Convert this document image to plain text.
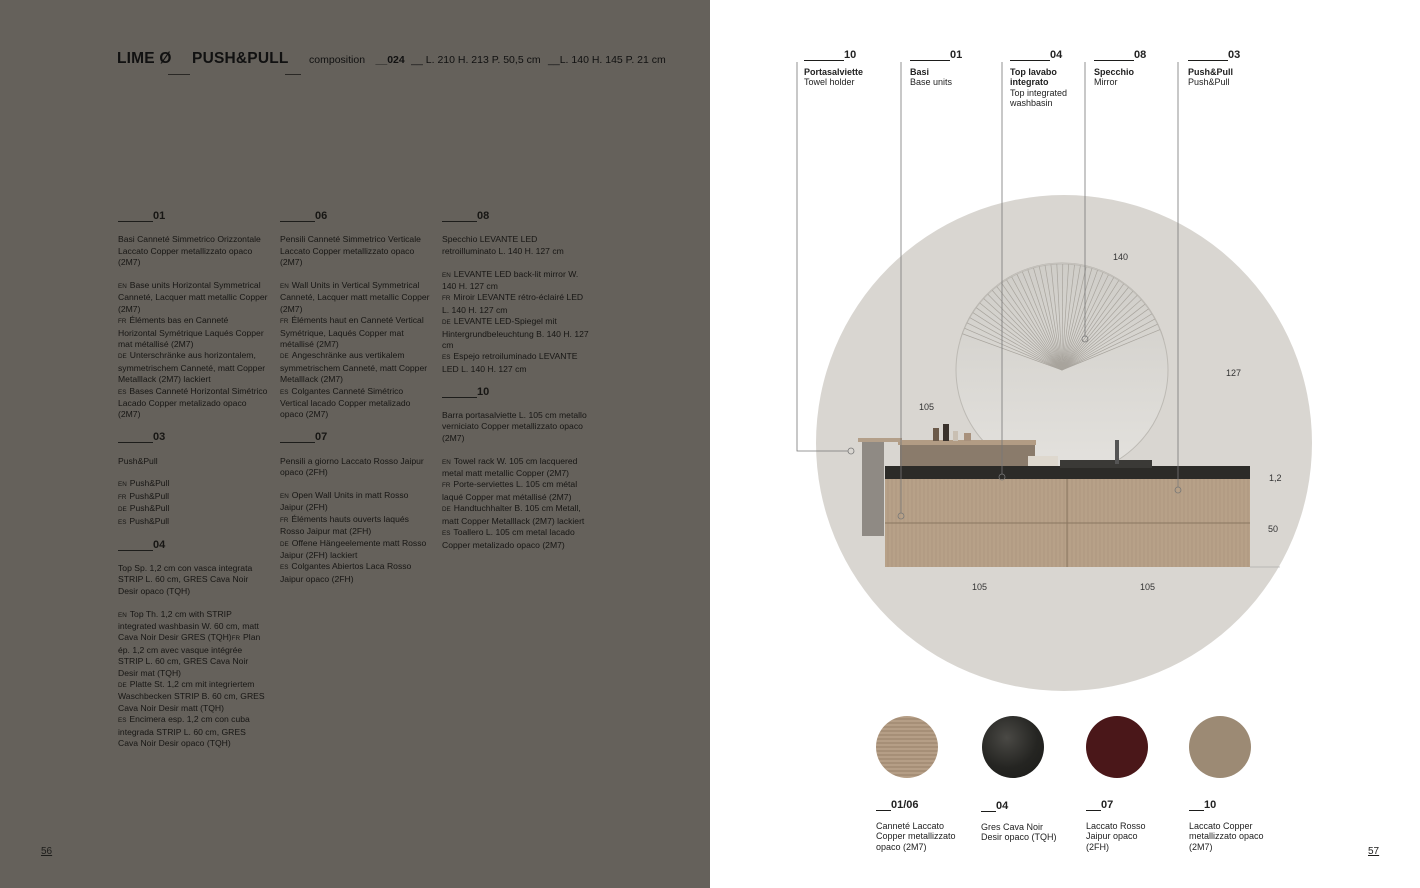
LIME Ø PUSH&PULL composition __024 __ L. 210 H. 213 P. 50,5 cm __L. 140 H. 145 P. 21 cm
01

Basi Canneté Simmetrico Orizzontale Laccato Copper metallizzato opaco (2M7)

EN Base units Horizontal Symmetrical Canneté, Lacquer matt metallic Copper (2M7)
FR Éléments bas en Canneté Horizontal Symétrique Laqués Copper mat métallisé (2M7)
DE Unterschränke aus horizontalem, symmetrischem Canneté, matt Copper Metalllack (2M7) lackiert
ES Bases Canneté Horizontal Simétrico Lacado Copper metalizado opaco (2M7)

03

Push&Pull

EN Push&Pull
FR Push&Pull
DE Push&Pull
ES Push&Pull

04

Top Sp. 1,2 cm con vasca integrata STRIP L. 60 cm, GRES Cava Noir Desir opaco (TQH)

EN Top Th. 1,2 cm with STRIP integrated washbasin W. 60 cm, matt Cava Noir Desir GRES (TQH)FR Plan ép. 1,2 cm avec vasque intégrée STRIP L. 60 cm, GRES Cava Noir Desir mat (TQH)
DE Platte St. 1,2 cm mit integriertem Waschbecken STRIP B. 60 cm, GRES Cava Noir Desir matt (TQH)
ES Encimera esp. 1,2 cm con cuba integrada STRIP L. 60 cm, GRES Cava Noir Desir opaco (TQH)

06

Pensili Canneté Simmetrico Verticale Laccato Copper metallizzato opaco (2M7)

EN Wall Units in Vertical Symmetrical Canneté, Lacquer matt metallic Copper (2M7)
FR Éléments haut en Canneté Vertical Symétrique, Laqués Copper mat métallisé (2M7)
DE Angeschränke aus vertikalem symmetrischem Canneté, matt Copper Metalllack (2M7)
ES Colgantes Canneté Simétrico Vertical lacado Copper metalizado opaco (2M7)

07

Pensili a giorno Laccato Rosso Jaipur opaco (2FH)

EN Open Wall Units in matt Rosso Jaipur (2FH)
FR Éléments hauts ouverts laqués Rosso Jaipur mat (2FH)
DE Offene Hängeelemente matt Rosso Jaipur (2FH) lackiert
ES Colgantes Abiertos Laca Rosso Jaipur opaco (2FH)

08

Specchio LEVANTE LED retroilluminato L. 140 H. 127 cm

EN LEVANTE LED back-lit mirror W. 140 H. 127 cm
FR Miroir LEVANTE rétro-éclairé LED L. 140 H. 127 cm
DE LEVANTE LED-Spiegel mit Hintergrundbeleuchtung B. 140 H. 127 cm
ES Espejo retroiluminado LEVANTE LED L. 140 H. 127 cm

10

Barra portasalviette L. 105 cm metallo verniciato Copper metallizzato opaco (2M7)

EN Towel rack W. 105 cm lacquered metal matt metallic Copper (2M7)
FR Porte-serviettes L. 105 cm métal laqué Copper mat métallisé (2M7)
DE Handtuchhalter B. 105 cm Metall, matt Copper Metalllack (2M7) lackiert
ES Toallero L. 105 cm metal lacado Copper metalizado opaco (2M7)

56
10
Portasalviette
Towel holder
01
Basi
Base units
04
Top lavabo integrato
Top integrated washbasin
08
Specchio
Mirror
03
Push&Pull
Push&Pull
140
127
105
1,2
50
105	105
01/06
Canneté Laccato Copper metallizzato opaco (2M7)
04
Gres Cava Noir Desir opaco (TQH)
07
Laccato Rosso Jaipur opaco (2FH)
10
Laccato Copper metallizzato opaco (2M7)	57
